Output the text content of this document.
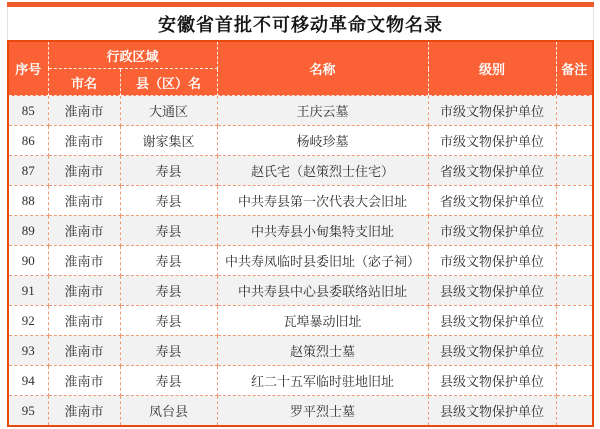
安徽省首批不可移动革命文物名录
序号	行政区域		名称	级别	备注
	市名	县（区）名			
85	淮南市	大通区	王庆云墓	市级文物保护单位	
86	淮南市	谢家集区	杨岐珍墓	市级文物保护单位	
87	淮南市	寿县	赵氏宅（赵策烈士住宅）	省级文物保护单位	
88	淮南市	寿县	中共寿县第一次代表大会旧址	省级文物保护单位	
89	淮南市	寿县	中共寿县小甸集特支旧址	市级文物保护单位	
90	淮南市	寿县	中共寿凤临时县委旧址（宓子祠）	市级文物保护单位	
91	淮南市	寿县	中共寿县中心县委联络站旧址	县级文物保护单位	
92	淮南市	寿县	瓦埠暴动旧址	县级文物保护单位	
93	淮南市	寿县	赵策烈士墓	县级文物保护单位	
94	淮南市	寿县	红二十五军临时驻地旧址	县级文物保护单位	
95	淮南市	凤台县	罗平烈士墓	县级文物保护单位	
